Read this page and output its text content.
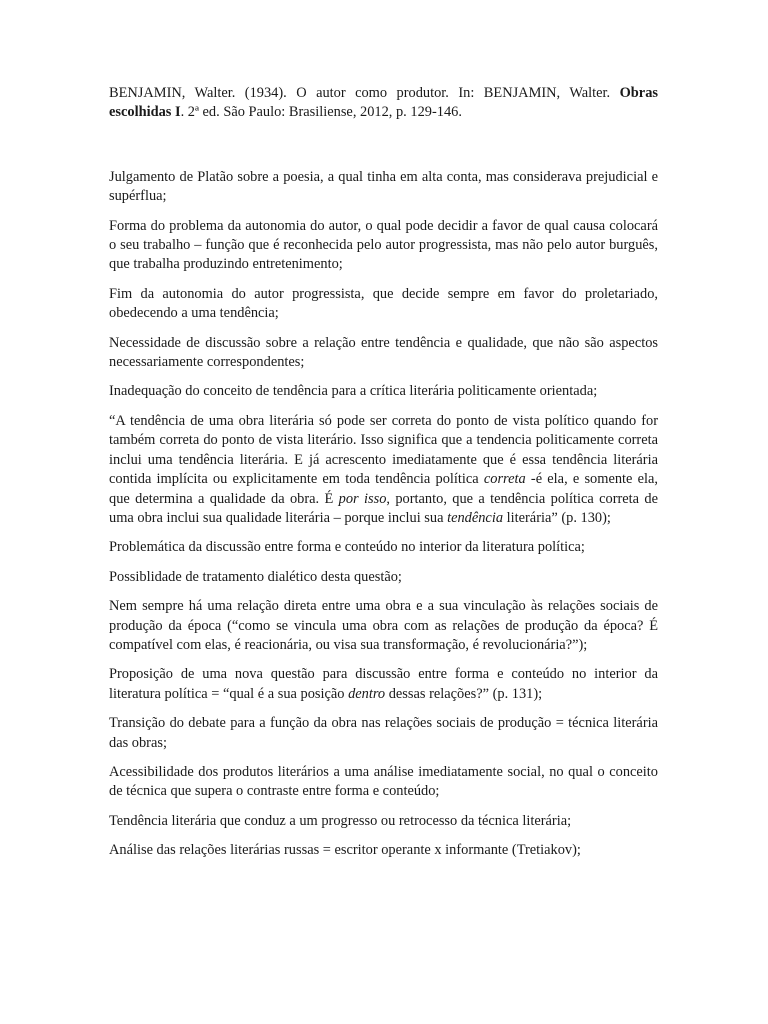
BENJAMIN, Walter. (1934). O autor como produtor. In: BENJAMIN, Walter. Obras escolhidas I. 2ª ed. São Paulo: Brasiliense, 2012, p. 129-146.

Julgamento de Platão sobre a poesia, a qual tinha em alta conta, mas considerava prejudicial e supérflua;

Forma do problema da autonomia do autor, o qual pode decidir a favor de qual causa colocará o seu trabalho – função que é reconhecida pelo autor progressista, mas não pelo autor burguês, que trabalha produzindo entretenimento;

Fim da autonomia do autor progressista, que decide sempre em favor do proletariado, obedecendo a uma tendência;

Necessidade de discussão sobre a relação entre tendência e qualidade, que não são aspectos necessariamente correspondentes;

Inadequação do conceito de tendência para a crítica literária politicamente orientada;

“A tendência de uma obra literária só pode ser correta do ponto de vista político quando for também correta do ponto de vista literário. Isso significa que a tendencia politicamente correta inclui uma tendência literária. E já acrescento imediatamente que é essa tendência literária contida implícita ou explicitamente em toda tendência política correta -é ela, e somente ela, que determina a qualidade da obra. É por isso, portanto, que a tendência política correta de uma obra inclui sua qualidade literária – porque inclui sua tendência literária” (p. 130);

Problemática da discussão entre forma e conteúdo no interior da literatura política;

Possiblidade de tratamento dialético desta questão;

Nem sempre há uma relação direta entre uma obra e a sua vinculação às relações sociais de produção da época (“como se vincula uma obra com as relações de produção da época? É compatível com elas, é reacionária, ou visa sua transformação, é revolucionária?”);

Proposição de uma nova questão para discussão entre forma e conteúdo no interior da literatura política = “qual é a sua posição dentro dessas relações?” (p. 131);

Transição do debate para a função da obra nas relações sociais de produção = técnica literária das obras;

Acessibilidade dos produtos literários a uma análise imediatamente social, no qual o conceito de técnica que supera o contraste entre forma e conteúdo;

Tendência literária que conduz a um progresso ou retrocesso da técnica literária;

Análise das relações literárias russas = escritor operante x informante (Tretiakov);
